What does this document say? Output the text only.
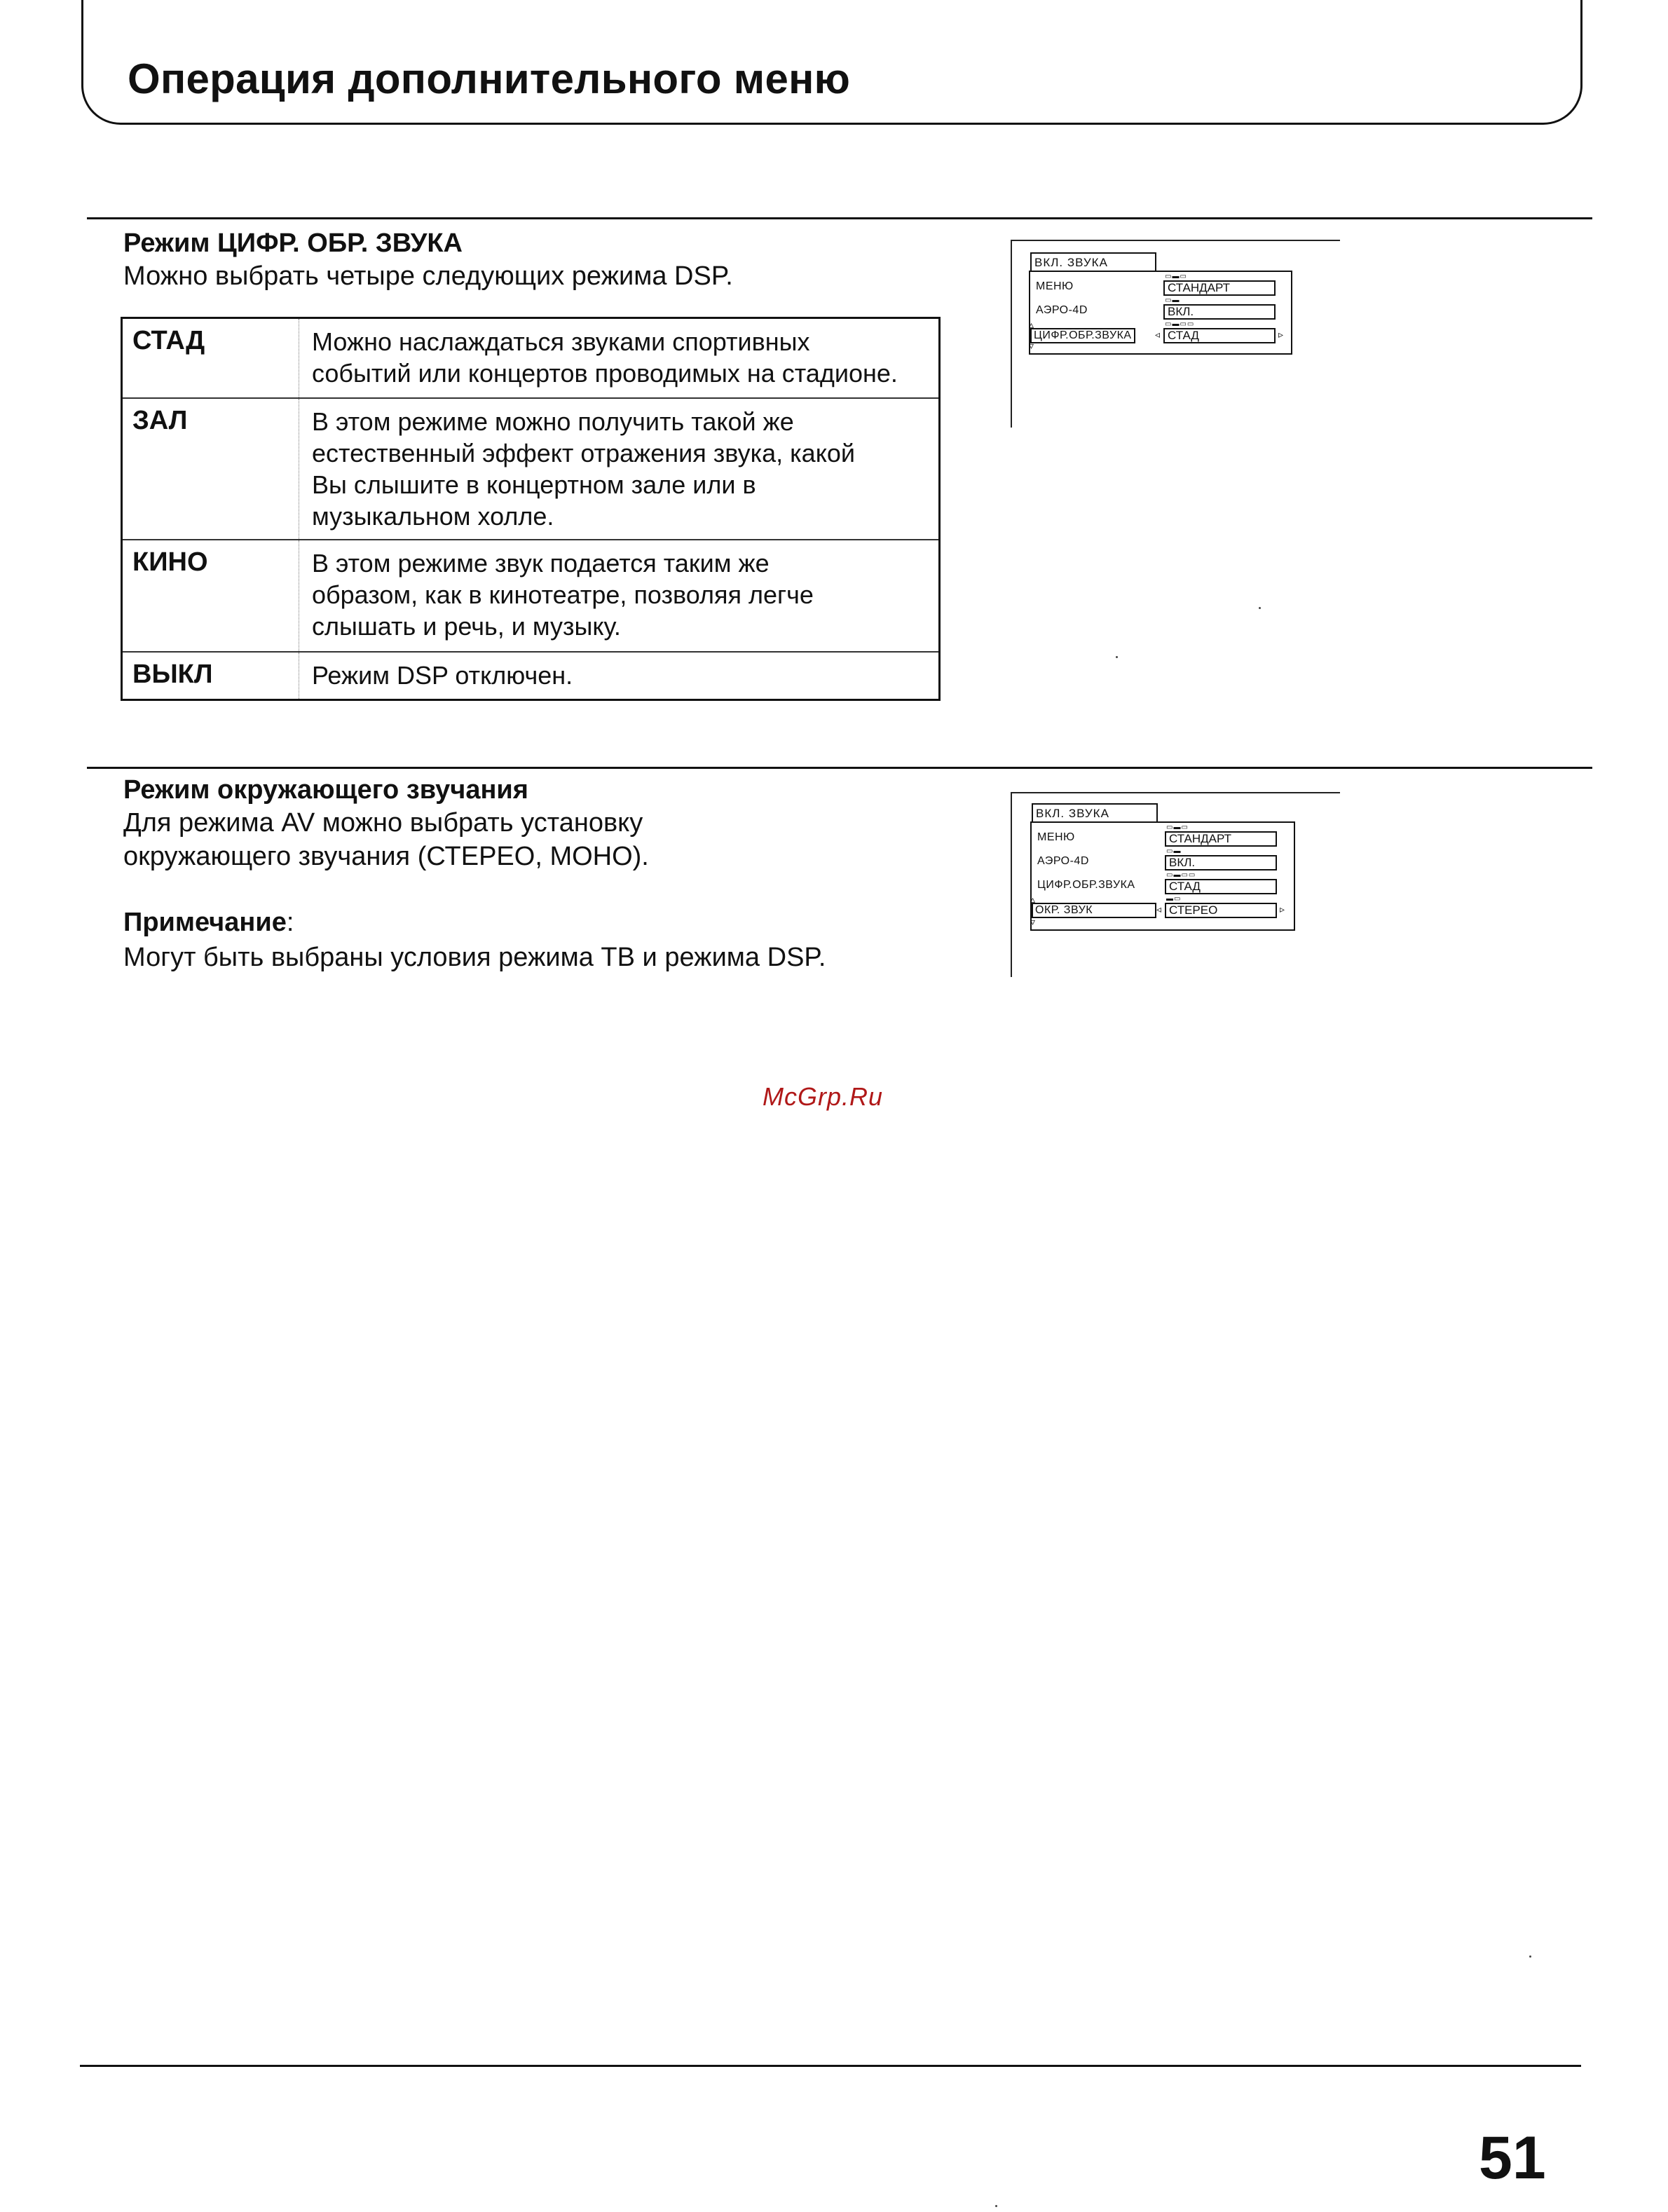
Операция дополнительного меню
Режим ЦИФР. ОБР. ЗВУКА
Можно выбрать четыре следующих режима DSP.
СТАД	Можно наслаждаться звуками спортивных
событий или концертов проводимых на стадионе.
ЗАЛ	В этом режиме можно получить такой же
естественный эффект отражения звука, какой
Вы слышите в концертном зале или в
музыкальном холле.
КИНО	В этом режиме звук подается таким же
образом, как в кинотеатре, позволяя легче
слышать и речь, и музыку.
ВЫКЛ	Режим DSP отключен.
ВКЛ. ЗВУКА
▭▬▭
МЕНЮ	СТАНДАРТ
▭▬
АЭРО-4D	ВКЛ.
▵	▭▬▭▭
ЦИФР.ОБР.ЗВУКА	◃ СТАД	▹
▿
Режим окружающего звучания
Для режима AV можно выбрать установку
окружающего звучания (СТЕРЕО, МОНО).
Примечание:
Могут быть выбраны условия режима ТВ и режима DSP.
ВКЛ. ЗВУКА
▭▬▭
МЕНЮ	СТАНДАРТ
▭▬
АЭРО-4D	ВКЛ.
▭▬▭▭
ЦИФР.ОБР.ЗВУКА	СТАД
▵	▬▭
ОКР. ЗВУК	◃ СТЕРЕО	▹
▿
McGrp.Ru
51
